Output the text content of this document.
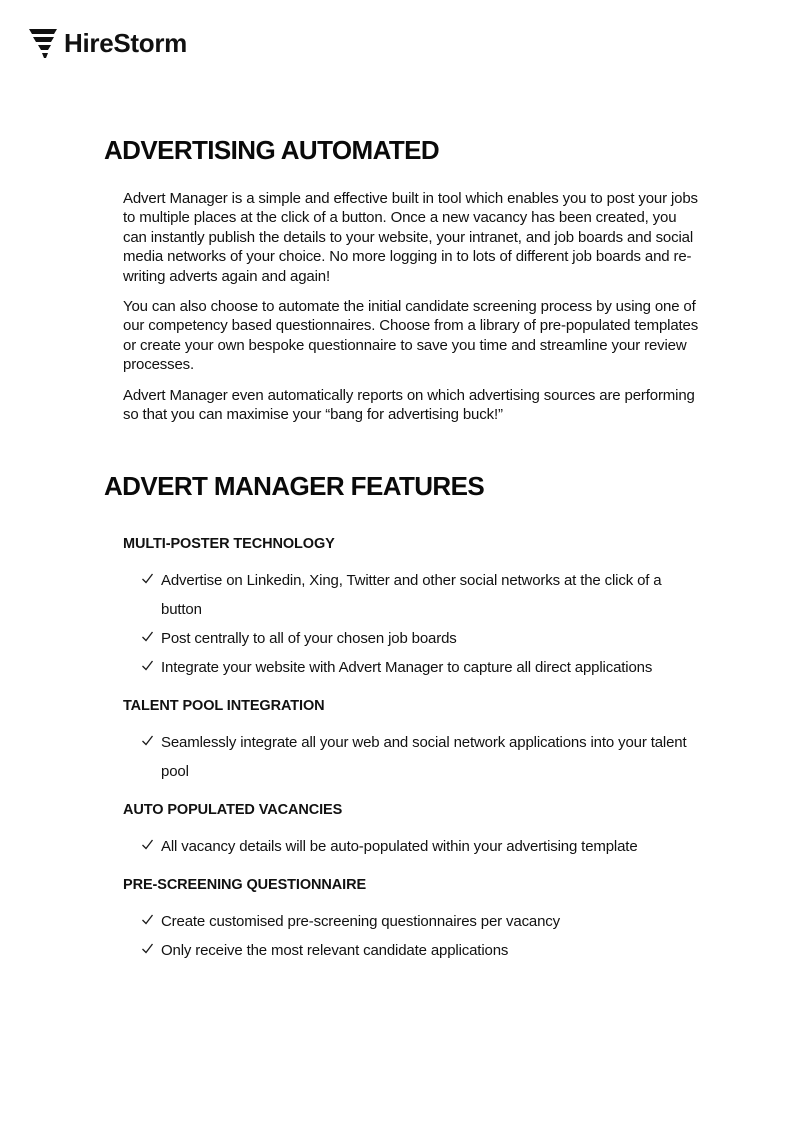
HireStorm
ADVERTISING AUTOMATED

Advert Manager is a simple and effective built in tool which enables you to post your jobs to multiple places at the click of a button. Once a new vacancy has been created, you can instantly publish the details to your website, your intranet, and job boards and social media networks of your choice. No more logging in to lots of different job boards and re-writing adverts again and again!

You can also choose to automate the initial candidate screening process by using one of our competency based questionnaires. Choose from a library of pre-populated templates or create your own bespoke questionnaire to save you time and streamline your review processes.

Advert Manager even automatically reports on which advertising sources are performing so that you can maximise your “bang for advertising buck!”

ADVERT MANAGER FEATURES
MULTI-POSTER TECHNOLOGY
Advertise on Linkedin, Xing, Twitter and other social networks at the click of a button
Post centrally to all of your chosen job boards
Integrate your website with Advert Manager to capture all direct applications
TALENT POOL INTEGRATION
Seamlessly integrate all your web and social network applications into your talent pool
AUTO POPULATED VACANCIES
All vacancy details will be auto-populated within your advertising template
PRE-SCREENING QUESTIONNAIRE
Create customised pre-screening questionnaires per vacancy
Only receive the most relevant candidate applications
